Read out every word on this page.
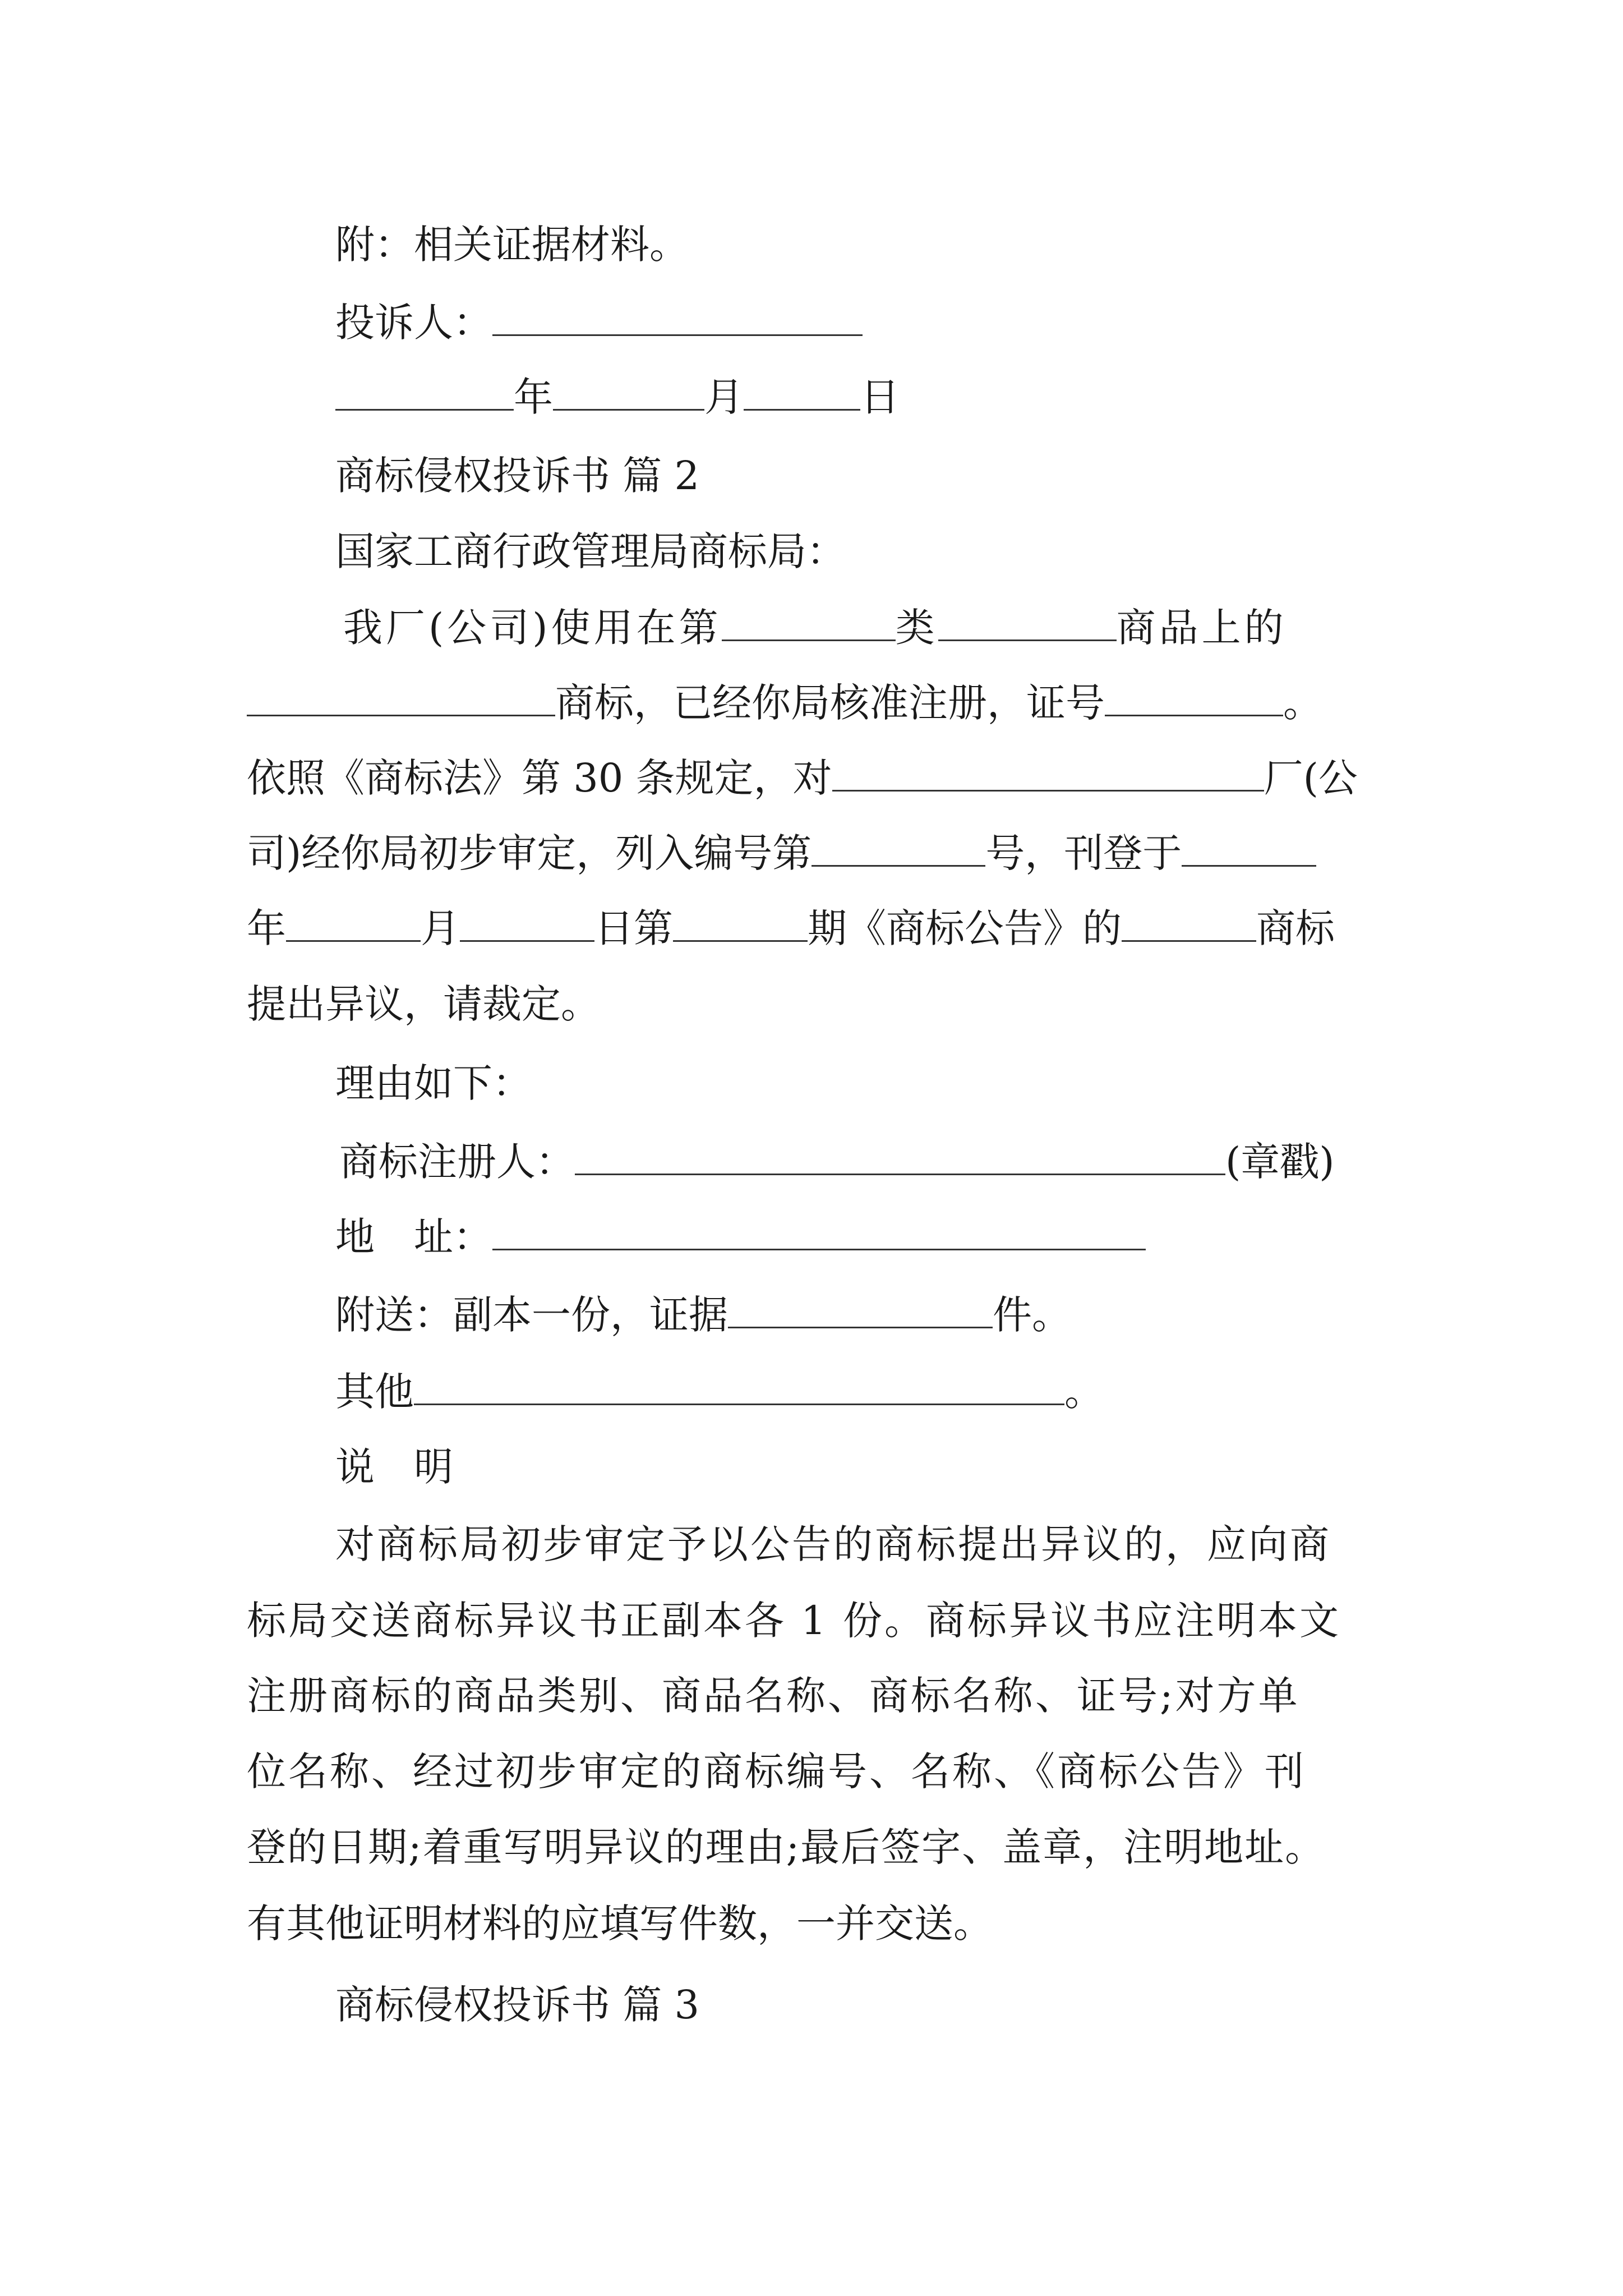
附：相关证据材料。
投诉人：
年	月	日
商标侵权投诉书 篇 2
国家工商行政管理局商标局：
我厂(公司)使用在第	类	商品上的
商标，已经你局核准注册，证号	。
依照《商标法》第 30 条规定，对	厂(公
司)经你局初步审定，列入编号第	号，刊登于
年	月	日第	期《商标公告》的	商标
提出异议，请裁定。
理由如下：
商标注册人：	(章戳)
地　址：
附送：副本一份，证据	件。
其他	。
说　明
对商标局初步审定予以公告的商标提出异议的，应向商
标局交送商标异议书正副本各 1 份。商标异议书应注明本文
注册商标的商品类别、商品名称、商标名称、证号;对方单
位名称、经过初步审定的商标编号、名称、《商标公告》刊
登的日期;着重写明异议的理由;最后签字、盖章，注明地址。
有其他证明材料的应填写件数，一并交送。
商标侵权投诉书 篇 3
